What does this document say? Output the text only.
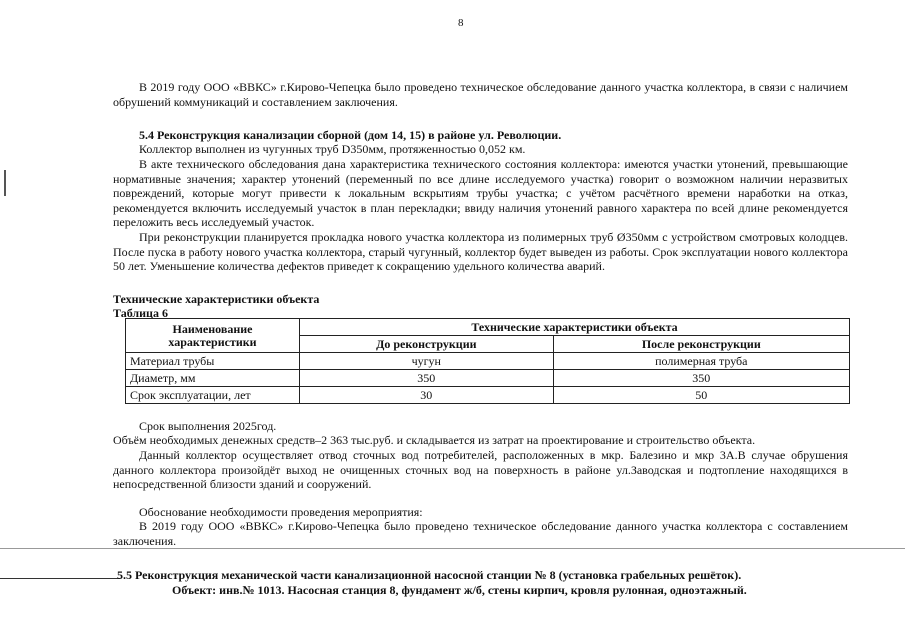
8

В 2019 году ООО «ВВКС» г.Кирово-Чепецка было проведено техническое обследование данного участка коллектора, в связи с наличием обрушений коммуникаций и составлением заключения.

5.4 Реконструкция канализации сборной (дом 14, 15) в районе ул. Революции.

Коллектор выполнен из чугунных труб D350мм, протяженностью 0,052 км.

В акте технического обследования дана характеристика технического состояния коллектора: имеются участки утонений, превышающие нормативные значения; характер утонений (переменный по все длине исследуемого участка) говорит о возможном наличии неразвитых повреждений, которые могут привести к локальным вскрытиям трубы участка; с учётом расчётного времени наработки на отказ, рекомендуется включить исследуемый участок в план перекладки; ввиду наличия утонений равного характера по всей длине рекомендуется переложить весь исследуемый участок.

При реконструкции планируется прокладка нового участка коллектора из полимерных труб Ø350мм с устройством смотровых колодцев. После пуска в работу нового участка коллектора, старый чугунный, коллектор будет выведен из работы. Срок эксплуатации нового коллектора 50 лет. Уменьшение количества дефектов приведет к сокращению удельного количества аварий.

Технические характеристики объекта

Таблица 6

Наименование характеристики	Технические характеристики объекта	
	До реконструкции	После реконструкции
Материал трубы	чугун	полимерная труба
Диаметр, мм	350	350
Срок эксплуатации, лет	30	50

Срок выполнения 2025год.

Объём необходимых денежных средств–2 363 тыс.руб. и складывается из затрат на проектирование и строительство объекта.

Данный коллектор осуществляет отвод сточных вод потребителей, расположенных в мкр. Балезино и мкр 3А.В случае обрушения данного коллектора произойдёт выход не очищенных сточных вод на поверхность в районе ул.Заводская и подтопление находящихся в непосредственной близости зданий и сооружений.

Обоснование необходимости проведения мероприятия:

В 2019 году ООО «ВВКС» г.Кирово-Чепецка было проведено техническое обследование данного участка коллектора с составлением заключения.

5.5 Реконструкция механической части канализационной насосной станции № 8 (установка грабельных решёток).

Объект: инв.№ 1013. Насосная станция 8, фундамент ж/б, стены кирпич, кровля рулонная, одноэтажный.
